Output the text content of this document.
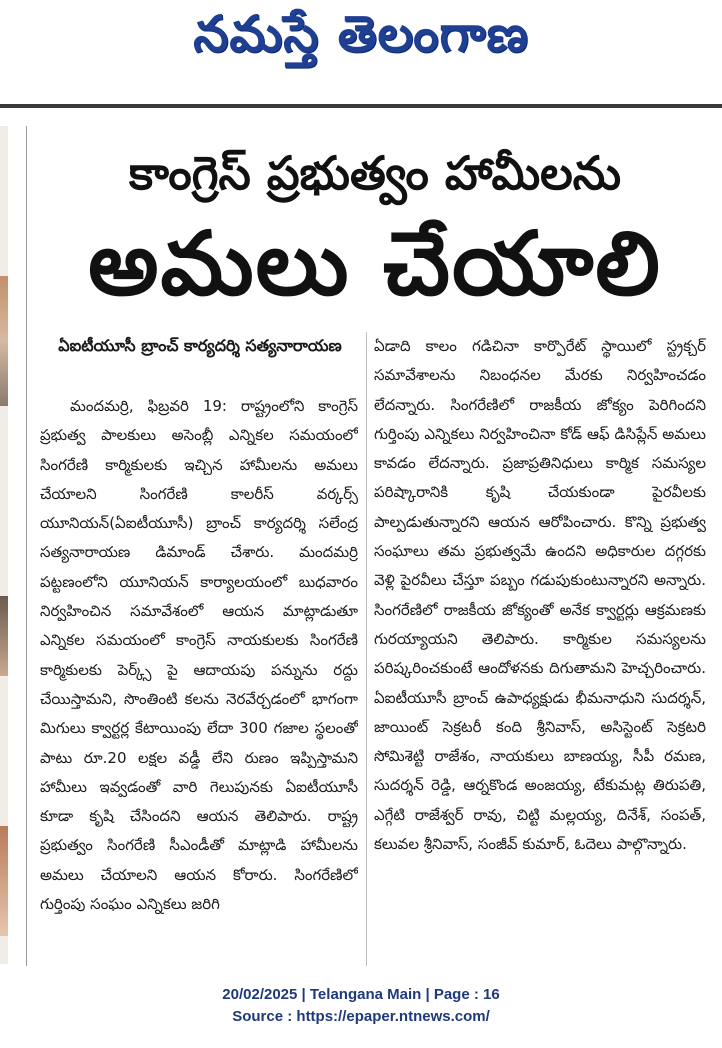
నమస్తే తెలంగాణ
కాంగ్రెస్ ప్రభుత్వం హామీలను
అమలు చేయాలి
ఏఐటీయూసీ బ్రాంచ్ కార్యదర్శి సత్యనారాయణ

మందమర్రి, ఫిబ్రవరి 19: రాష్ట్రంలోని కాంగ్రెస్ ప్రభుత్వ పాలకులు అసెంబ్లీ ఎన్నికల సమయంలో సింగరేణి కార్మికులకు ఇచ్చిన హామీలను అమలు చేయాలని సింగరేణి కాలరీస్ వర్కర్స్ యూనియన్(ఏఐటీయూసీ) బ్రాంచ్ కార్యదర్శి సలేంద్ర సత్యనారాయణ డిమాండ్ చేశారు. మందమర్రి పట్టణంలోని యూనియన్ కార్యాలయంలో బుధవారం నిర్వహించిన సమావేశంలో ఆయన మాట్లాడుతూ ఎన్నికల సమయంలో కాంగ్రెస్ నాయకులకు సింగరేణి కార్మికులకు పెర్క్స్ పై ఆదాయపు పన్నును రద్దు చేయిస్తామని, సొంతింటి కలను నెరవేర్చడంలో భాగంగా మిగులు క్వార్టర్ల కేటాయింపు లేదా 300 గజాల స్థలంతో పాటు రూ.20 లక్షల వడ్డీ లేని రుణం ఇప్పిస్తామని హామీలు ఇవ్వడంతో వారి గెలుపునకు ఏఐటీయూసీ కూడా కృషి చేసిందని ఆయన తెలిపారు. రాష్ట్ర ప్రభుత్వం సింగరేణి సీఎండీతో మాట్లాడి హామీలను అమలు చేయాలని ఆయన కోరారు. సింగరేణిలో గుర్తింపు సంఘం ఎన్నికలు జరిగి

ఏడాది కాలం గడిచినా కార్పొరేట్ స్థాయిలో స్ట్రక్చర్ సమావేశాలను నిబంధనల మేరకు నిర్వహించడం లేదన్నారు. సింగరేణిలో రాజకీయ జోక్యం పెరిగిందని గుర్తింపు ఎన్నికలు నిర్వహించినా కోడ్ ఆఫ్ డిసిప్లేన్ అమలు కావడం లేదన్నారు. ప్రజాప్రతినిధులు కార్మిక సమస్యల పరిష్కారానికి కృషి చేయకుండా పైరవీలకు పాల్పడుతున్నారని ఆయన ఆరోపించారు. కొన్ని ప్రభుత్వ సంఘాలు తమ ప్రభుత్వమే ఉందని అధికారుల దగ్గరకు వెళ్లి పైరవీలు చేస్తూ పబ్బం గడుపుకుంటున్నారని అన్నారు. సింగరేణిలో రాజకీయ జోక్యంతో అనేక క్వార్టర్లు ఆక్రమణకు గురయ్యాయని తెలిపారు. కార్మికుల సమస్యలను పరిష్కరించకుంటే ఆందోళనకు దిగుతామని హెచ్చరించారు. ఏఐటీయూసీ బ్రాంచ్ ఉపాధ్యక్షుడు భీమనాధుని సుదర్శన్, జాయింట్ సెక్రటరీ కంది శ్రీనివాస్, అసిస్టెంట్ సెక్రటరి సోమిశెట్టి రాజేశం, నాయకులు బాణయ్య, సీపీ రమణ, సుదర్శన్ రెడ్డి, ఆర్నకొండ అంజయ్య, టేకుమట్ల తిరుపతి, ఎగ్గేటి రాజేశ్వర్ రావు, చిట్టి మల్లయ్య, దినేశ్, సంపత్, కలువల శ్రీనివాస్, సంజీవ్ కుమార్, ఓదెలు పాల్గొన్నారు.

20/02/2025 | Telangana Main | Page : 16
Source : https://epaper.ntnews.com/
